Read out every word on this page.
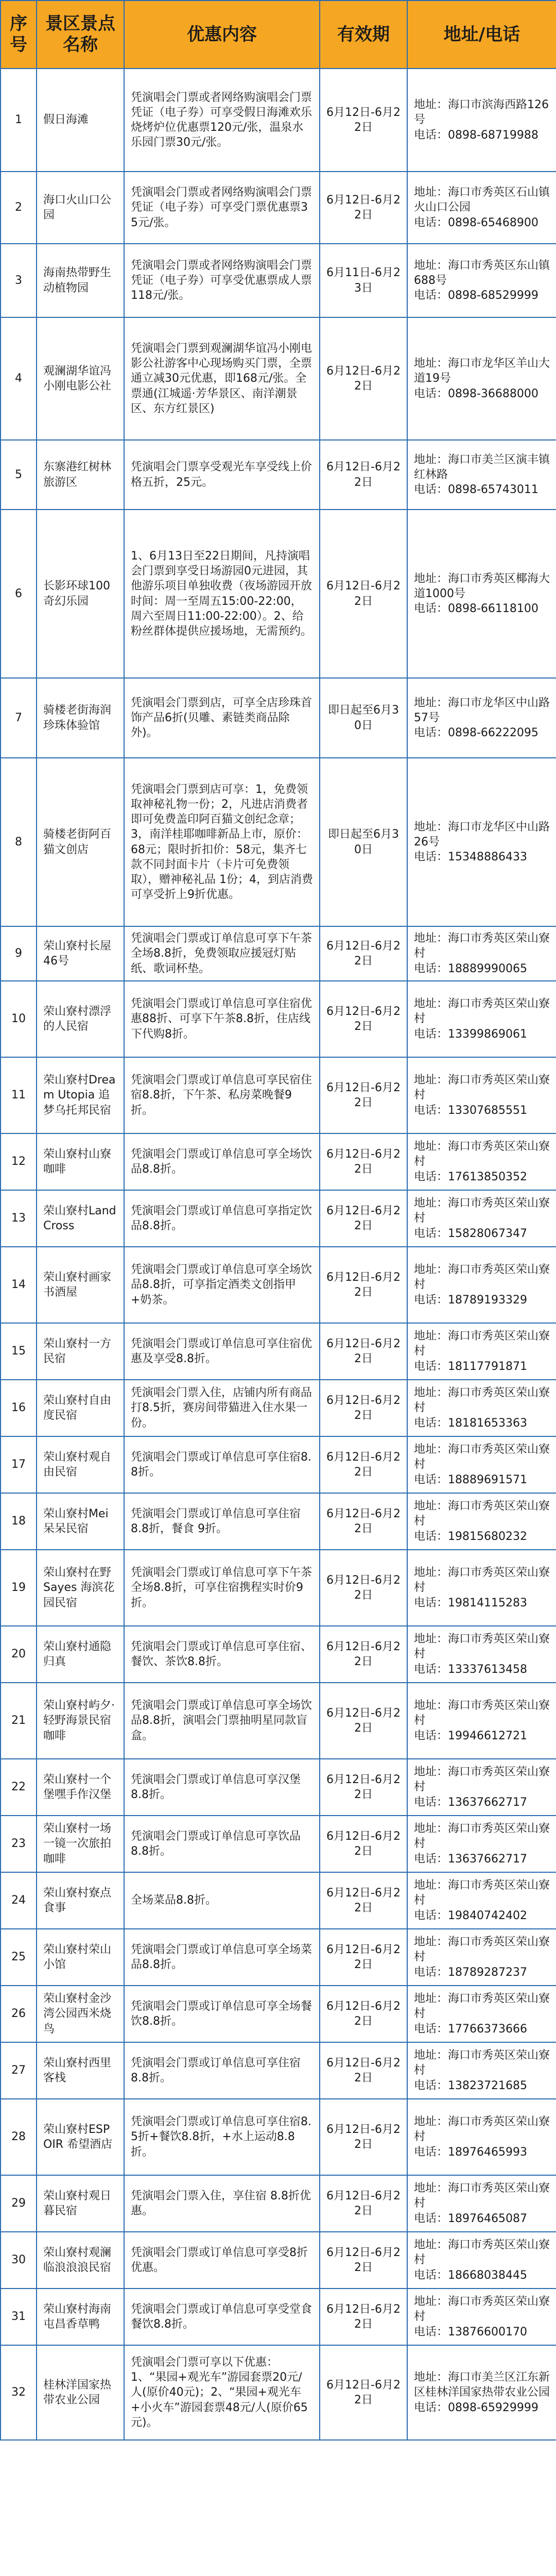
序号	景区景点名称	优惠内容	有效期	地址/电话
1	假日海滩	凭演唱会门票或者网络购演唱会门票凭证（电子券）可享受假日海滩欢乐烧烤炉位优惠票120元/张，温泉水乐园门票30元/张。	6月12日-6月22日	地址：海口市滨海西路126号
电话：0898-68719988

2	海口火山口公园	凭演唱会门票或者网络购演唱会门票凭证（电子券）可享受门票优惠票35元/张。	6月12日-6月22日	地址：海口市秀英区石山镇火山口公园
电话：0898-65468900

3	海南热带野生动植物园	凭演唱会门票或者网络购演唱会门票凭证（电子券）可享受优惠票成人票118元/张。	6月11日-6月23日	地址：海口市秀英区东山镇688号
电话：0898-68529999

4	观澜湖华谊冯小刚电影公社	凭演唱会门票到观澜湖华谊冯小刚电影公社游客中心现场购买门票，全票通立减30元优惠，即168元/张。全票通(江城遥·芳华景区、南洋潮景区、东方红景区)	6月12日-6月22日	地址：海口市龙华区羊山大道19号
电话：0898-36688000

5	东寨港红树林旅游区	凭演唱会门票享受观光车享受线上价格五折，25元。	6月12日-6月22日	地址：海口市美兰区演丰镇红林路
电话：0898-65743011

6	长影环球100奇幻乐园	1、6月13日至22日期间，凡持演唱会门票到享受日场游园0元进园，其他游乐项目单独收费（夜场游园开放时间：周一至周五15:00-22:00，周六至周日11:00-22:00）。2、给粉丝群体提供应援场地，无需预约。	6月12日-6月22日	地址：海口市秀英区椰海大道1000号
电话：0898-66118100

7	骑楼老街海润珍珠体验馆	凭演唱会门票到店，可享全店珍珠首饰产品6折(贝雕、素链类商品除外)。	即日起至6月30日	地址：海口市龙华区中山路57号
电话：0898-66222095

8	骑楼老街阿百猫文创店	凭演唱会门票到店可享：1，免费领取神秘礼物一份；2，凡进店消费者即可免费盖印阿百猫文创纪念章；3，南洋桂耶咖啡新品上市，原价：68元；限时折扣价：58元，集齐七款不同封面卡片（卡片可免费领取），赠神秘礼品 1份；4，到店消费可享受折上9折优惠。	即日起至6月30日	地址：海口市龙华区中山路26号
电话：15348886433

9	荣山寮村长屋46号	凭演唱会门票或订单信息可享下午茶全场8.8折，免费领取应援冠灯贴纸、歌词杯垫。	6月12日-6月22日	地址：海口市秀英区荣山寮村
电话：18889990065

10	荣山寮村漂浮的人民宿	凭演唱会门票或订单信息可享住宿优惠88折、可享下午茶8.8折，住店线下代购8折。	6月12日-6月22日	地址：海口市秀英区荣山寮村
电话：13399869061

11	荣山寮村Dream Utopia 追梦乌托邦民宿	凭演唱会门票或订单信息可享民宿住宿8.8折，下午茶、私房菜晚餐9折。	6月12日-6月22日	地址：海口市秀英区荣山寮村
电话：13307685551

12	荣山寮村山寮咖啡	凭演唱会门票或订单信息可享全场饮品8.8折。	6月12日-6月22日	地址：海口市秀英区荣山寮村
电话：17613850352

13	荣山寮村LandCross	凭演唱会门票或订单信息可享指定饮品8.8折。	6月12日-6月22日	地址：海口市秀英区荣山寮村
电话：15828067347

14	荣山寮村画家书酒屋	凭演唱会门票或订单信息可享全场饮品8.8折，可享指定酒类文创指甲+奶茶。	6月12日-6月22日	地址：海口市秀英区荣山寮村
电话：18789193329

15	荣山寮村一方民宿	凭演唱会门票或订单信息可享住宿优惠及享受8.8折。	6月12日-6月22日	地址：海口市秀英区荣山寮村
电话：18117791871

16	荣山寮村自由度民宿	凭演唱会门票入住，店铺内所有商品打8.5折，赛房间带猫进入住水果一份。	6月12日-6月22日	地址：海口市秀英区荣山寮村
电话：18181653363

17	荣山寮村观自由民宿	凭演唱会门票或订单信息可享住宿8.8折。	6月12日-6月22日	地址：海口市秀英区荣山寮村
电话：18889691571

18	荣山寮村Mei 呆呆民宿	凭演唱会门票或订单信息可享住宿 8.8折，餐食 9折。	6月12日-6月22日	地址：海口市秀英区荣山寮村
电话：19815680232

19	荣山寮村在野Sayes 海滨花园民宿	凭演唱会门票或订单信息可享下午茶全场8.8折，可享住宿携程实时价9折。	6月12日-6月22日	地址：海口市秀英区荣山寮村
电话：19814115283

20	荣山寮村通隐归真	凭演唱会门票或订单信息可享住宿、餐饮、茶饮8.8折。	6月12日-6月22日	地址：海口市秀英区荣山寮村
电话：13337613458

21	荣山寮村屿夕·轻野海景民宿咖啡	凭演唱会门票或订单信息可享全场饮品8.8折，演唱会门票抽明星同款盲盒。	6月12日-6月22日	地址：海口市秀英区荣山寮村
电话：19946612721

22	荣山寮村一个堡嘿手作汉堡	凭演唱会门票或订单信息可享汉堡 8.8折。	6月12日-6月22日	地址：海口市秀英区荣山寮村
电话：13637662717

23	荣山寮村一场一镜一次旅拍咖啡	凭演唱会门票或订单信息可享饮品 8.8折。	6月12日-6月22日	地址：海口市秀英区荣山寮村
电话：13637662717

24	荣山寮村寮点食事	全场菜品8.8折。	6月12日-6月22日	地址：海口市秀英区荣山寮村
电话：19840742402

25	荣山寮村荣山小馆	凭演唱会门票或订单信息可享全场菜品8.8折。	6月12日-6月22日	地址：海口市秀英区荣山寮村
电话：18789287237

26	荣山寮村金沙湾公园西米烧鸟	凭演唱会门票或订单信息可享全场餐饮8.8折。	6月12日-6月22日	地址：海口市秀英区荣山寮村
电话：17766373666

27	荣山寮村西里客栈	凭演唱会门票或订单信息可享住宿 8.8折。	6月12日-6月22日	地址：海口市秀英区荣山寮村
电话：13823721685

28	荣山寮村ESPOIR 希望酒店	凭演唱会门票或订单信息可享住宿8.5折+餐饮8.8折，+水上运动8.8折。	6月12日-6月22日	地址：海口市秀英区荣山寮村
电话：18976465993

29	荣山寮村观日暮民宿	凭演唱会门票入住，享住宿 8.8折优惠。	6月12日-6月22日	地址：海口市秀英区荣山寮村
电话：18976465087

30	荣山寮村观澜临浪浪浪民宿	凭演唱会门票或订单信息可享受8折优惠。	6月12日-6月22日	地址：海口市秀英区荣山寮村
电话：18668038445

31	荣山寮村海南屯昌香草鸭	凭演唱会门票或订单信息可享受堂食餐饮8.8折。	6月12日-6月22日	地址：海口市秀英区荣山寮村
电话：13876600170

32	桂林洋国家热带农业公园	凭演唱会门票可享以下优惠：1、“果园+观光车”游园套票20元/人(原价40元)；2、“果园+观光车+小火车”游园套票48元/人(原价65元)。	6月12日-6月22日	地址：海口市美兰区江东新区桂林洋国家热带农业公园
电话：0898-65929999
